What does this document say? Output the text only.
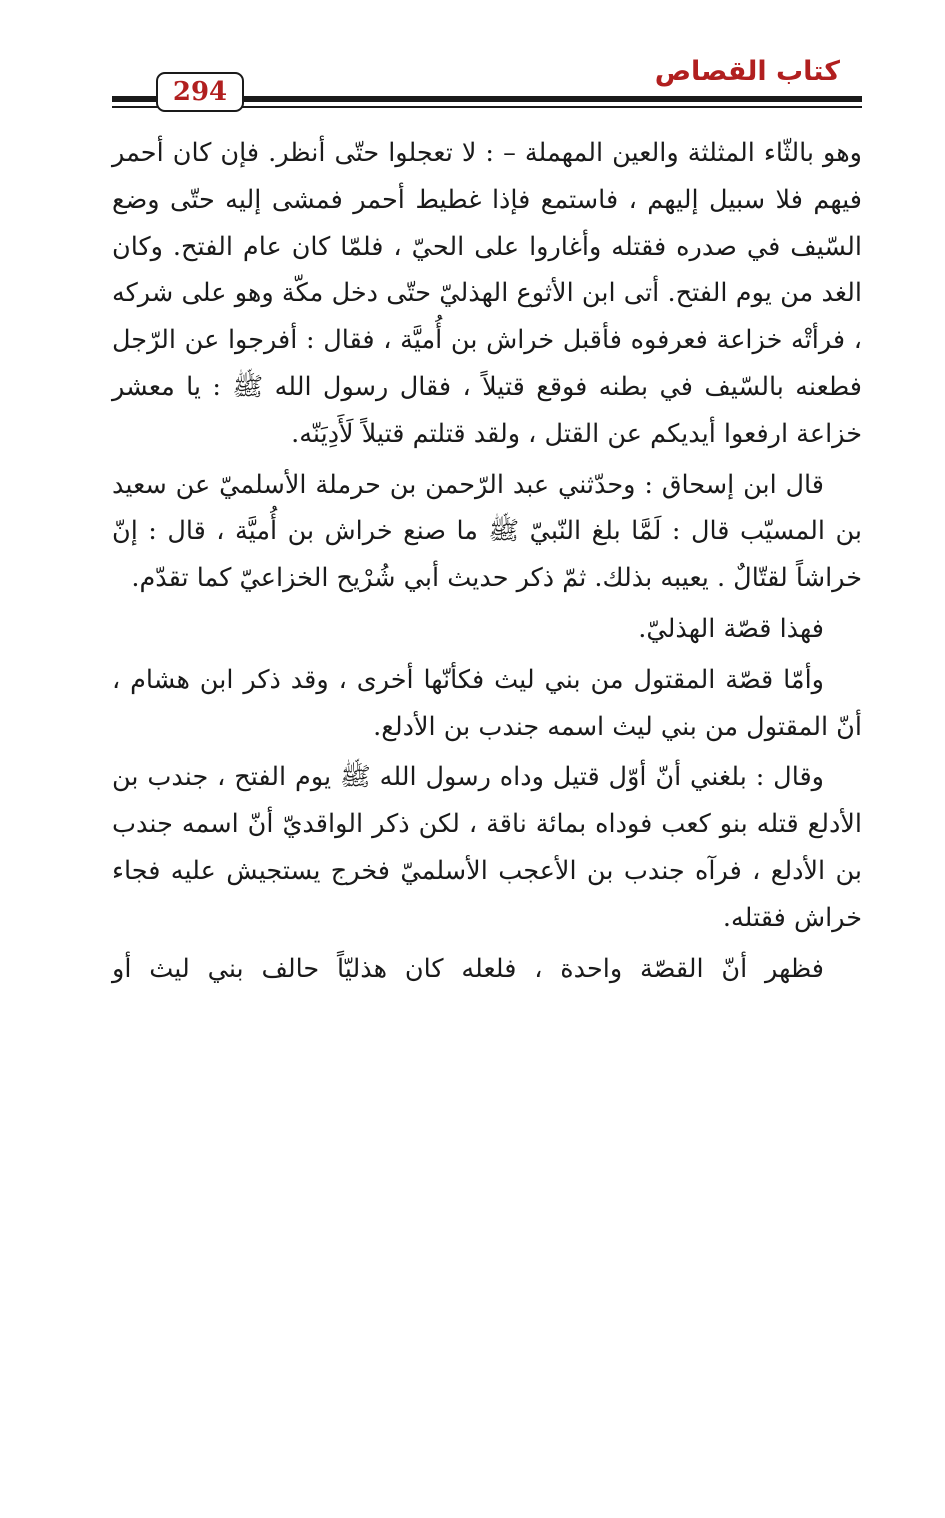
كتاب القصاص
294

وهو بالثّاء المثلثة والعين المهملة – : لا تعجلوا حتّى أنظر. فإن كان أحمر فيهم فلا سبيل إليهم ، فاستمع فإذا غطيط أحمر فمشى إليه حتّى وضع السّيف في صدره فقتله وأغاروا على الحيّ ، فلمّا كان عام الفتح. وكان الغد من يوم الفتح. أتى ابن الأثوع الهذليّ حتّى دخل مكّة وهو على شركه ، فرأتْه خزاعة فعرفوه فأقبل خراش بن أُميَّة ، فقال : أفرجوا عن الرّجل فطعنه بالسّيف في بطنه فوقع قتيلاً ، فقال رسول الله ﷺ : يا معشر خزاعة ارفعوا أيديكم عن القتل ، ولقد قتلتم قتيلاً لَأَدِيَنّه.

قال ابن إسحاق : وحدّثني عبد الرّحمن بن حرملة الأسلميّ عن سعيد بن المسيّب قال : لَمَّا بلغ النّبيّ ﷺ ما صنع خراش بن أُميَّة ، قال : إنّ خراشاً لقتّالٌ . يعيبه بذلك. ثمّ ذكر حديث أبي شُرْيح الخزاعيّ كما تقدّم.

فهذا قصّة الهذليّ.

وأمّا قصّة المقتول من بني ليث فكأنّها أخرى ، وقد ذكر ابن هشام ، أنّ المقتول من بني ليث اسمه جندب بن الأدلع.

وقال : بلغني أنّ أوّل قتيل وداه رسول الله ﷺ يوم الفتح ، جندب بن الأدلع قتله بنو كعب فوداه بمائة ناقة ، لكن ذكر الواقديّ أنّ اسمه جندب بن الأدلع ، فرآه جندب بن الأعجب الأسلميّ فخرج يستجيش عليه فجاء خراش فقتله.

فظهر أنّ القصّة واحدة ، فلعله كان هذليّاً حالف بني ليث أو
